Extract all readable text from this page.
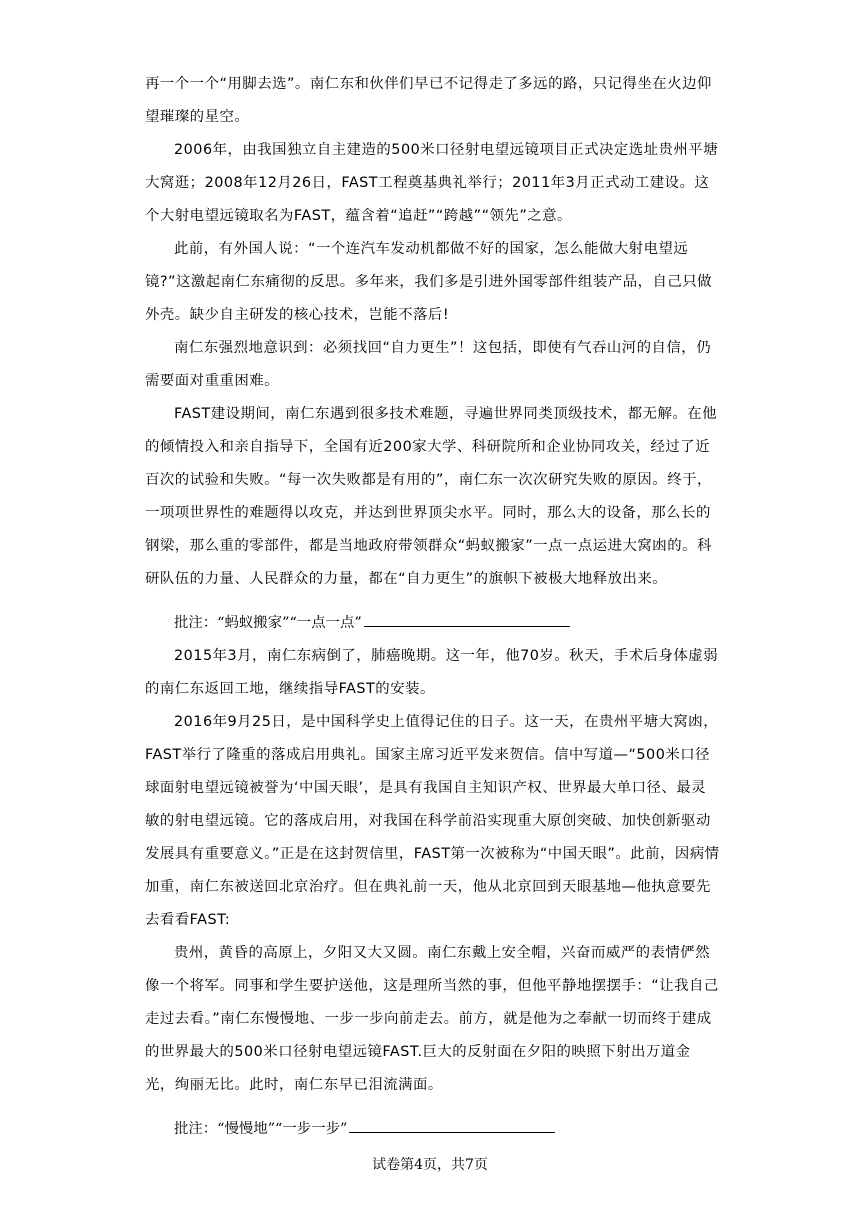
再一个一个“用脚去选”。南仁东和伙伴们早已不记得走了多远的路，只记得坐在火边仰望璀璨的星空。

2006年，由我国独立自主建造的500米口径射电望远镜项目正式决定选址贵州平塘大窝逛；2008年12月26日，FAST工程奠基典礼举行；2011年3月正式动工建设。这个大射电望远镜取名为FAST，蕴含着“追赶”“跨越”“领先”之意。

此前，有外国人说：“一个连汽车发动机都做不好的国家，怎么能做大射电望远镜?”这激起南仁东痛彻的反思。多年来，我们多是引进外国零部件组装产品，自己只做外壳。缺少自主研发的核心技术，岂能不落后!

南仁东强烈地意识到：必须找回“自力更生”！这包括，即使有气吞山河的自信，仍需要面对重重困难。

FAST建设期间，南仁东遇到很多技术难题，寻遍世界同类顶级技术，都无解。在他的倾情投入和亲自指导下，全国有近200家大学、科研院所和企业协同攻关，经过了近百次的试验和失败。“每一次失败都是有用的”，南仁东一次次研究失败的原因。终于，一项项世界性的难题得以攻克，并达到世界顶尖水平。同时，那么大的设备，那么长的钢梁，那么重的零部件，都是当地政府带领群众“蚂蚁搬家”一点一点运进大窝凼的。科研队伍的力量、人民群众的力量，都在“自力更生”的旗帜下被极大地释放出来。

批注：“蚂蚁搬家”“一点一点”

2015年3月，南仁东病倒了，肺癌晚期。这一年，他70岁。秋天，手术后身体虚弱的南仁东返回工地，继续指导FAST的安装。

2016年9月25日，是中国科学史上值得记住的日子。这一天，在贵州平塘大窝凼，FAST举行了隆重的落成启用典礼。国家主席习近平发来贺信。信中写道—“500米口径球面射电望远镜被誉为‘中国天眼’，是具有我国自主知识产权、世界最大单口径、最灵敏的射电望远镜。它的落成启用，对我国在科学前沿实现重大原创突破、加快创新驱动发展具有重要意义。”正是在这封贺信里，FAST第一次被称为“中国天眼”。此前，因病情加重，南仁东被送回北京治疗。但在典礼前一天，他从北京回到天眼基地—他执意要先去看看FAST:

贵州，黄昏的高原上，夕阳又大又圆。南仁东戴上安全帽，兴奋而威严的表情俨然像一个将军。同事和学生要护送他，这是理所当然的事，但他平静地摆摆手：“让我自己走过去看。”南仁东慢慢地、一步一步向前走去。前方，就是他为之奉献一切而终于建成的世界最大的500米口径射电望远镜FAST.巨大的反射面在夕阳的映照下射出万道金光，绚丽无比。此时，南仁东早已泪流满面。

批注：“慢慢地”“一步一步”
试卷第4页，共7页
